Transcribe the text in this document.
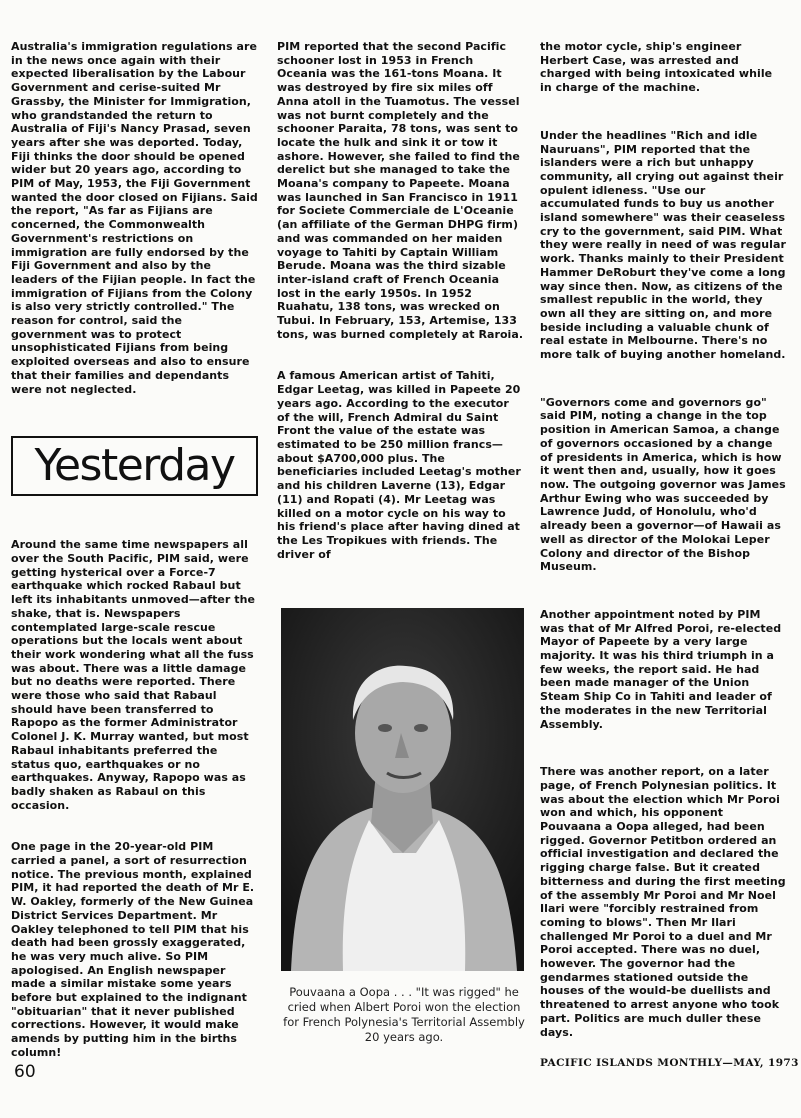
Australia's immigration regulations are in the news once again with their expected liberalisation by the Labour Government and cerise-suited Mr Grassby, the Minister for Immigration, who grandstanded the return to Australia of Fiji's Nancy Prasad, seven years after she was deported. Today, Fiji thinks the door should be opened wider but 20 years ago, according to PIM of May, 1953, the Fiji Government wanted the door closed on Fijians. Said the report, "As far as Fijians are concerned, the Commonwealth Government's restrictions on immigration are fully endorsed by the Fiji Government and also by the leaders of the Fijian people. In fact the immigration of Fijians from the Colony is also very strictly controlled." The reason for control, said the government was to protect unsophisticated Fijians from being exploited overseas and also to ensure that their families and dependants were not neglected.

Yesterday

Around the same time newspapers all over the South Pacific, PIM said, were getting hysterical over a Force-7 earthquake which rocked Rabaul but left its inhabitants unmoved—after the shake, that is. Newspapers contemplated large-scale rescue operations but the locals went about their work wondering what all the fuss was about. There was a little damage but no deaths were reported. There were those who said that Rabaul should have been transferred to Rapopo as the former Administrator Colonel J. K. Murray wanted, but most Rabaul inhabitants preferred the status quo, earthquakes or no earthquakes. Anyway, Rapopo was as badly shaken as Rabaul on this occasion.

One page in the 20-year-old PIM carried a panel, a sort of resurrection notice. The previous month, explained PIM, it had reported the death of Mr E. W. Oakley, formerly of the New Guinea District Services Department. Mr Oakley telephoned to tell PIM that his death had been grossly exaggerated, he was very much alive. So PIM apologised. An English newspaper made a similar mistake some years before but explained to the indignant "obituarian" that it never published corrections. However, it would make amends by putting him in the births column!

PIM reported that the second Pacific schooner lost in 1953 in French Oceania was the 161-tons Moana. It was destroyed by fire six miles off Anna atoll in the Tuamotus. The vessel was not burnt completely and the schooner Paraita, 78 tons, was sent to locate the hulk and sink it or tow it ashore. However, she failed to find the derelict but she managed to take the Moana's company to Papeete. Moana was launched in San Francisco in 1911 for Societe Commerciale de L'Oceanie (an affiliate of the German DHPG firm) and was commanded on her maiden voyage to Tahiti by Captain William Berude. Moana was the third sizable inter-island craft of French Oceania lost in the early 1950s. In 1952 Ruahatu, 138 tons, was wrecked on Tubui. In February, 153, Artemise, 133 tons, was burned completely at Raroia.

A famous American artist of Tahiti, Edgar Leetag, was killed in Papeete 20 years ago. According to the executor of the will, French Admiral du Saint Front the value of the estate was estimated to be 250 million francs—about $A700,000 plus. The beneficiaries included Leetag's mother and his children Laverne (13), Edgar (11) and Ropati (4). Mr Leetag was killed on a motor cycle on his way to his friend's place after having dined at the Les Tropikues with friends. The driver of

Pouvaana a Oopa . . . "It was rigged" he cried when Albert Poroi won the election for French Polynesia's Territorial Assembly 20 years ago.

the motor cycle, ship's engineer Herbert Case, was arrested and charged with being intoxicated while in charge of the machine.

Under the headlines "Rich and idle Nauruans", PIM reported that the islanders were a rich but unhappy community, all crying out against their opulent idleness. "Use our accumulated funds to buy us another island somewhere" was their ceaseless cry to the government, said PIM. What they were really in need of was regular work. Thanks mainly to their President Hammer DeRoburt they've come a long way since then. Now, as citizens of the smallest republic in the world, they own all they are sitting on, and more beside including a valuable chunk of real estate in Melbourne. There's no more talk of buying another homeland.

"Governors come and governors go" said PIM, noting a change in the top position in American Samoa, a change of governors occasioned by a change of presidents in America, which is how it went then and, usually, how it goes now. The outgoing governor was James Arthur Ewing who was succeeded by Lawrence Judd, of Honolulu, who'd already been a governor—of Hawaii as well as director of the Molokai Leper Colony and director of the Bishop Museum.

Another appointment noted by PIM was that of Mr Alfred Poroi, re-elected Mayor of Papeete by a very large majority. It was his third triumph in a few weeks, the report said. He had been made manager of the Union Steam Ship Co in Tahiti and leader of the moderates in the new Territorial Assembly.

There was another report, on a later page, of French Polynesian politics. It was about the election which Mr Poroi won and which, his opponent Pouvaana a Oopa alleged, had been rigged. Governor Petitbon ordered an official investigation and declared the rigging charge false. But it created bitterness and during the first meeting of the assembly Mr Poroi and Mr Noel Ilari were "forcibly restrained from coming to blows". Then Mr Ilari challenged Mr Poroi to a duel and Mr Poroi accepted. There was no duel, however. The governor had the gendarmes stationed outside the houses of the would-be duellists and threatened to arrest anyone who took part. Politics are much duller these days.

60	PACIFIC ISLANDS MONTHLY—MAY, 1973
